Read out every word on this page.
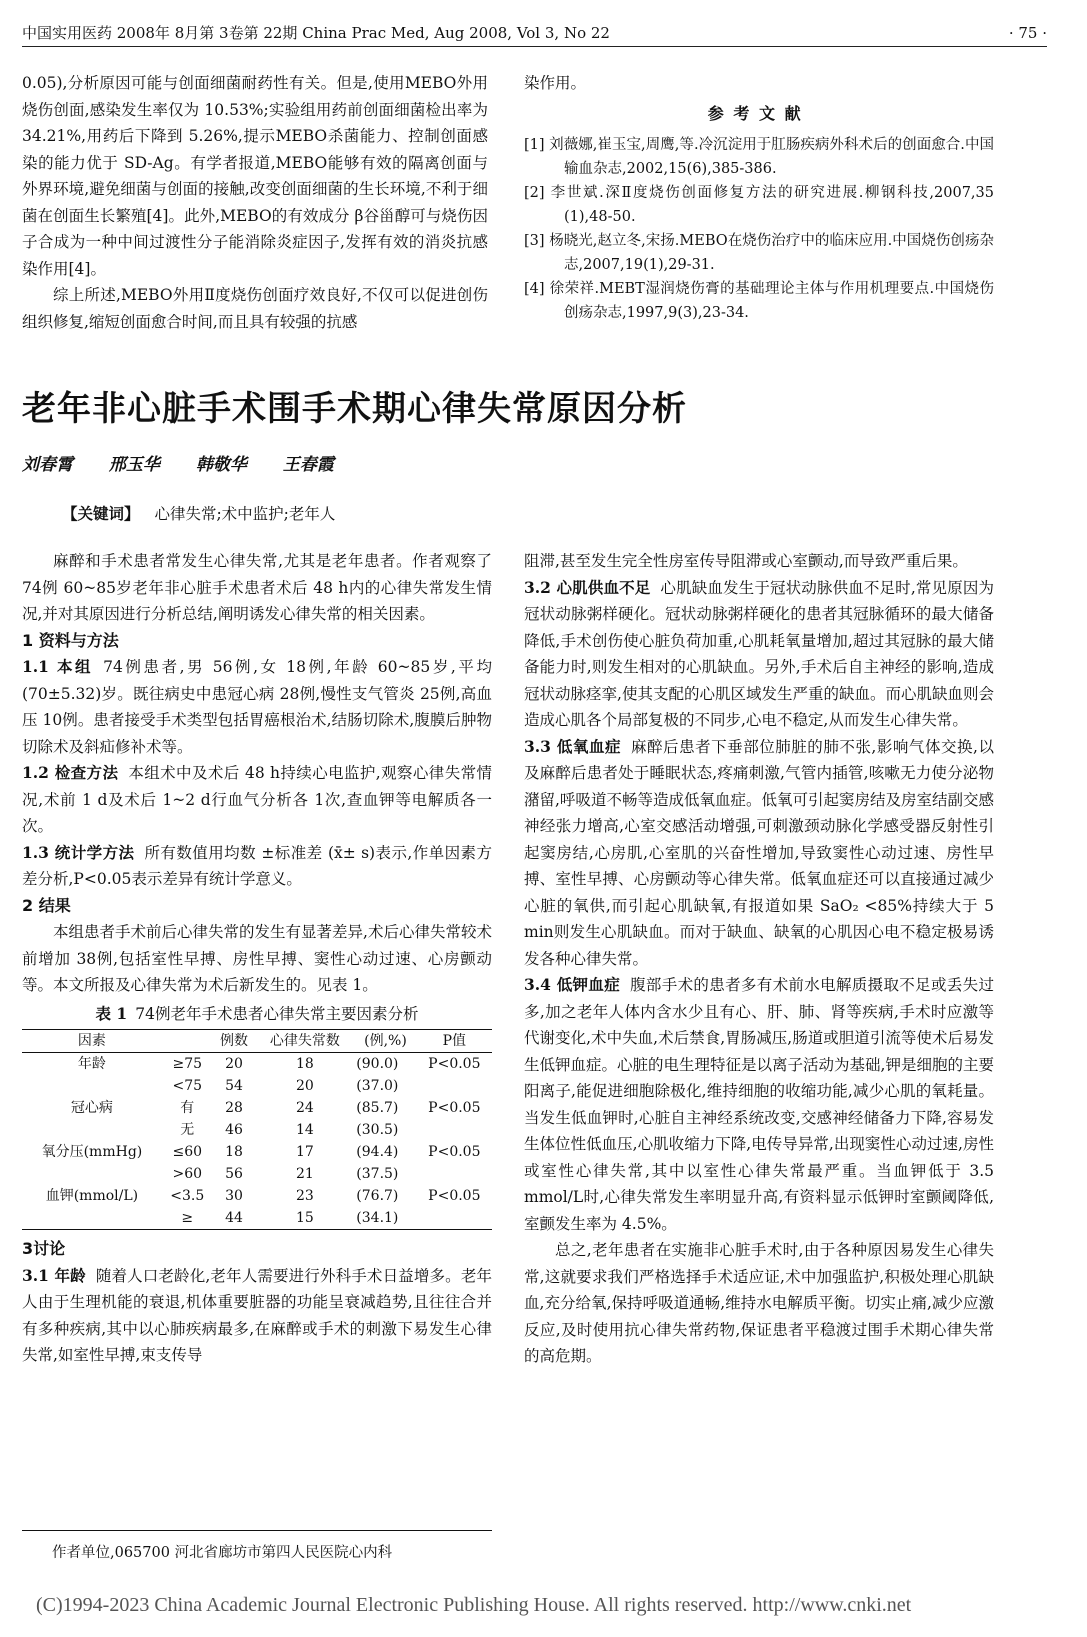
中国实用医药 2008年 8月第 3卷第 22期 China Prac Med, Aug 2008, Vol 3, No 22	· 75 ·

0.05),分析原因可能与创面细菌耐药性有关。但是,使用MEBO外用烧伤创面,感染发生率仅为 10.53%;实验组用药前创面细菌检出率为 34.21%,用药后下降到 5.26%,提示MEBO杀菌能力、控制创面感染的能力优于 SD-Ag。有学者报道,MEBO能够有效的隔离创面与外界环境,避免细菌与创面的接触,改变创面细菌的生长环境,不利于细菌在创面生长繁殖[4]。此外,MEBO的有效成分 β谷甾醇可与烧伤因子合成为一种中间过渡性分子能消除炎症因子,发挥有效的消炎抗感染作用[4]。

综上所述,MEBO外用Ⅱ度烧伤创面疗效良好,不仅可以促进创伤组织修复,缩短创面愈合时间,而且具有较强的抗感

染作用。

参考文献

[1] 刘薇娜,崔玉宝,周鹰,等.冷沉淀用于肛肠疾病外科术后的创面愈合.中国输血杂志,2002,15(6),385-386.

[2] 李世斌.深Ⅱ度烧伤创面修复方法的研究进展.柳钢科技,2007,35 (1),48-50.

[3] 杨晓光,赵立冬,宋扬.MEBO在烧伤治疗中的临床应用.中国烧伤创疡杂志,2007,19(1),29-31.

[4] 徐荣祥.MEBT湿润烧伤膏的基础理论主体与作用机理要点.中国烧伤创疡杂志,1997,9(3),23-34.

老年非心脏手术围手术期心律失常原因分析
刘春霄 邢玉华 韩敬华 王春霞
【关键词】 心律失常;术中监护;老年人

麻醉和手术患者常发生心律失常,尤其是老年患者。作者观察了 74例 60~85岁老年非心脏手术患者术后 48 h内的心律失常发生情况,并对其原因进行分析总结,阐明诱发心律失常的相关因素。

1 资料与方法

1.1 本组 74例患者,男 56例,女 18例,年龄 60~85岁,平均 (70±5.32)岁。既往病史中患冠心病 28例,慢性支气管炎 25例,高血压 10例。患者接受手术类型包括胃癌根治术,结肠切除术,腹膜后肿物切除术及斜疝修补术等。

1.2 检查方法 本组术中及术后 48 h持续心电监护,观察心律失常情况,术前 1 d及术后 1~2 d行血气分析各 1次,查血钾等电解质各一次。

1.3 统计学方法 所有数值用均数 ±标准差 (x̄± s)表示,作单因素方差分析,P<0.05表示差异有统计学意义。

2 结果

本组患者手术前后心律失常的发生有显著差异,术后心律失常较术前增加 38例,包括室性早搏、房性早搏、窦性心动过速、心房颤动等。本文所报及心律失常为术后新发生的。见表 1。

表 1 74例老年手术患者心律失常主要因素分析
因素		例数	心律失常数	(例,%)	P值
年龄	≥75	20	18	(90.0)	P<0.05
	<75	54	20	(37.0)	
冠心病	有	28	24	(85.7)	P<0.05
	无	46	14	(30.5)	
氧分压(mmHg)	≤60	18	17	(94.4)	P<0.05
	>60	56	21	(37.5)	
血钾(mmol/L)	<3.5	30	23	(76.7)	P<0.05
	≥	44	15	(34.1)	

3讨论

3.1 年龄 随着人口老龄化,老年人需要进行外科手术日益增多。老年人由于生理机能的衰退,机体重要脏器的功能呈衰减趋势,且往往合并有多种疾病,其中以心肺疾病最多,在麻醉或手术的刺激下易发生心律失常,如室性早搏,束支传导

阻滞,甚至发生完全性房室传导阻滞或心室颤动,而导致严重后果。

3.2 心肌供血不足 心肌缺血发生于冠状动脉供血不足时,常见原因为冠状动脉粥样硬化。冠状动脉粥样硬化的患者其冠脉循环的最大储备降低,手术创伤使心脏负荷加重,心肌耗氧量增加,超过其冠脉的最大储备能力时,则发生相对的心肌缺血。另外,手术后自主神经的影响,造成冠状动脉痉挛,使其支配的心肌区域发生严重的缺血。而心肌缺血则会造成心肌各个局部复极的不同步,心电不稳定,从而发生心律失常。

3.3 低氧血症 麻醉后患者下垂部位肺脏的肺不张,影响气体交换,以及麻醉后患者处于睡眠状态,疼痛刺激,气管内插管,咳嗽无力使分泌物潴留,呼吸道不畅等造成低氧血症。低氧可引起窦房结及房室结副交感神经张力增高,心室交感活动增强,可刺激颈动脉化学感受器反射性引起窦房结,心房肌,心室肌的兴奋性增加,导致窦性心动过速、房性早搏、室性早搏、心房颤动等心律失常。低氧血症还可以直接通过减少心脏的氧供,而引起心肌缺氧,有报道如果 SaO₂ <85%持续大于 5 min则发生心肌缺血。而对于缺血、缺氧的心肌因心电不稳定极易诱发各种心律失常。

3.4 低钾血症 腹部手术的患者多有术前水电解质摄取不足或丢失过多,加之老年人体内含水少且有心、肝、肺、肾等疾病,手术时应激等代谢变化,术中失血,术后禁食,胃肠减压,肠道或胆道引流等使术后易发生低钾血症。心脏的电生理特征是以离子活动为基础,钾是细胞的主要阳离子,能促进细胞除极化,维持细胞的收缩功能,减少心肌的氧耗量。当发生低血钾时,心脏自主神经系统改变,交感神经储备力下降,容易发生体位性低血压,心肌收缩力下降,电传导异常,出现窦性心动过速,房性或室性心律失常,其中以室性心律失常最严重。当血钾低于 3.5 mmol/L时,心律失常发生率明显升高,有资料显示低钾时室颤阈降低,室颤发生率为 4.5%。

总之,老年患者在实施非心脏手术时,由于各种原因易发生心律失常,这就要求我们严格选择手术适应证,术中加强监护,积极处理心肌缺血,充分给氧,保持呼吸道通畅,维持水电解质平衡。切实止痛,减少应激反应,及时使用抗心律失常药物,保证患者平稳渡过围手术期心律失常的高危期。

作者单位,065700 河北省廊坊市第四人民医院心内科
(C)1994-2023 China Academic Journal Electronic Publishing House. All rights reserved. http://www.cnki.net
